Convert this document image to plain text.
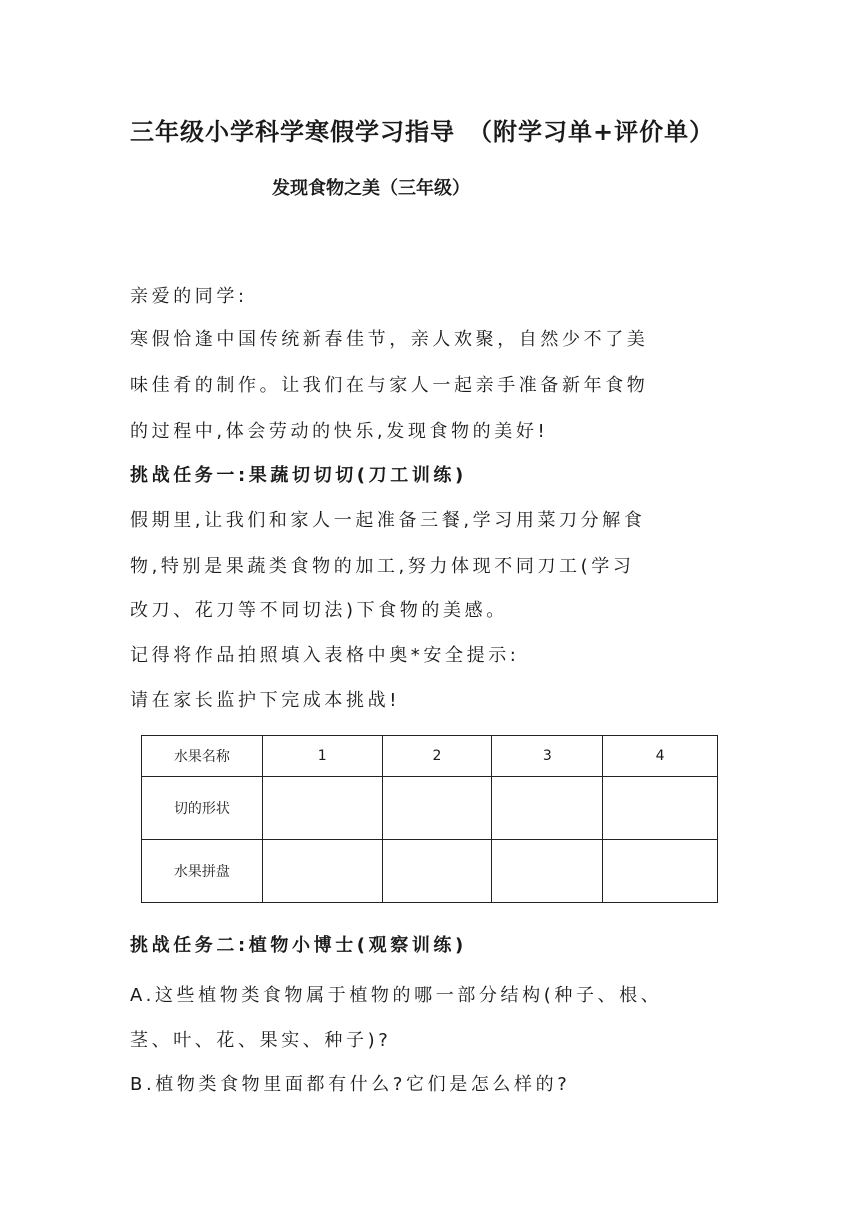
三年级小学科学寒假学习指导　（附学习单+评价单）
发现食物之美（三年级）
亲爱的同学:
寒假恰逢中国传统新春佳节，亲人欢聚，自然少不了美
味佳肴的制作。让我们在与家人一起亲手准备新年食物
的过程中,体会劳动的快乐,发现食物的美好!
挑战任务一:果蔬切切切(刀工训练)
假期里,让我们和家人一起准备三餐,学习用菜刀分解食
物,特别是果蔬类食物的加工,努力体现不同刀工(学习
改刀、花刀等不同切法)下食物的美感。
记得将作品拍照填入表格中奥*安全提示:
请在家长监护下完成本挑战!
水果名称	1	2	3	4
切的形状				
水果拼盘				
挑战任务二:植物小博士(观察训练)
A.这些植物类食物属于植物的哪一部分结构(种子、根、
茎、叶、花、果实、种子)?
B.植物类食物里面都有什么?它们是怎么样的?
